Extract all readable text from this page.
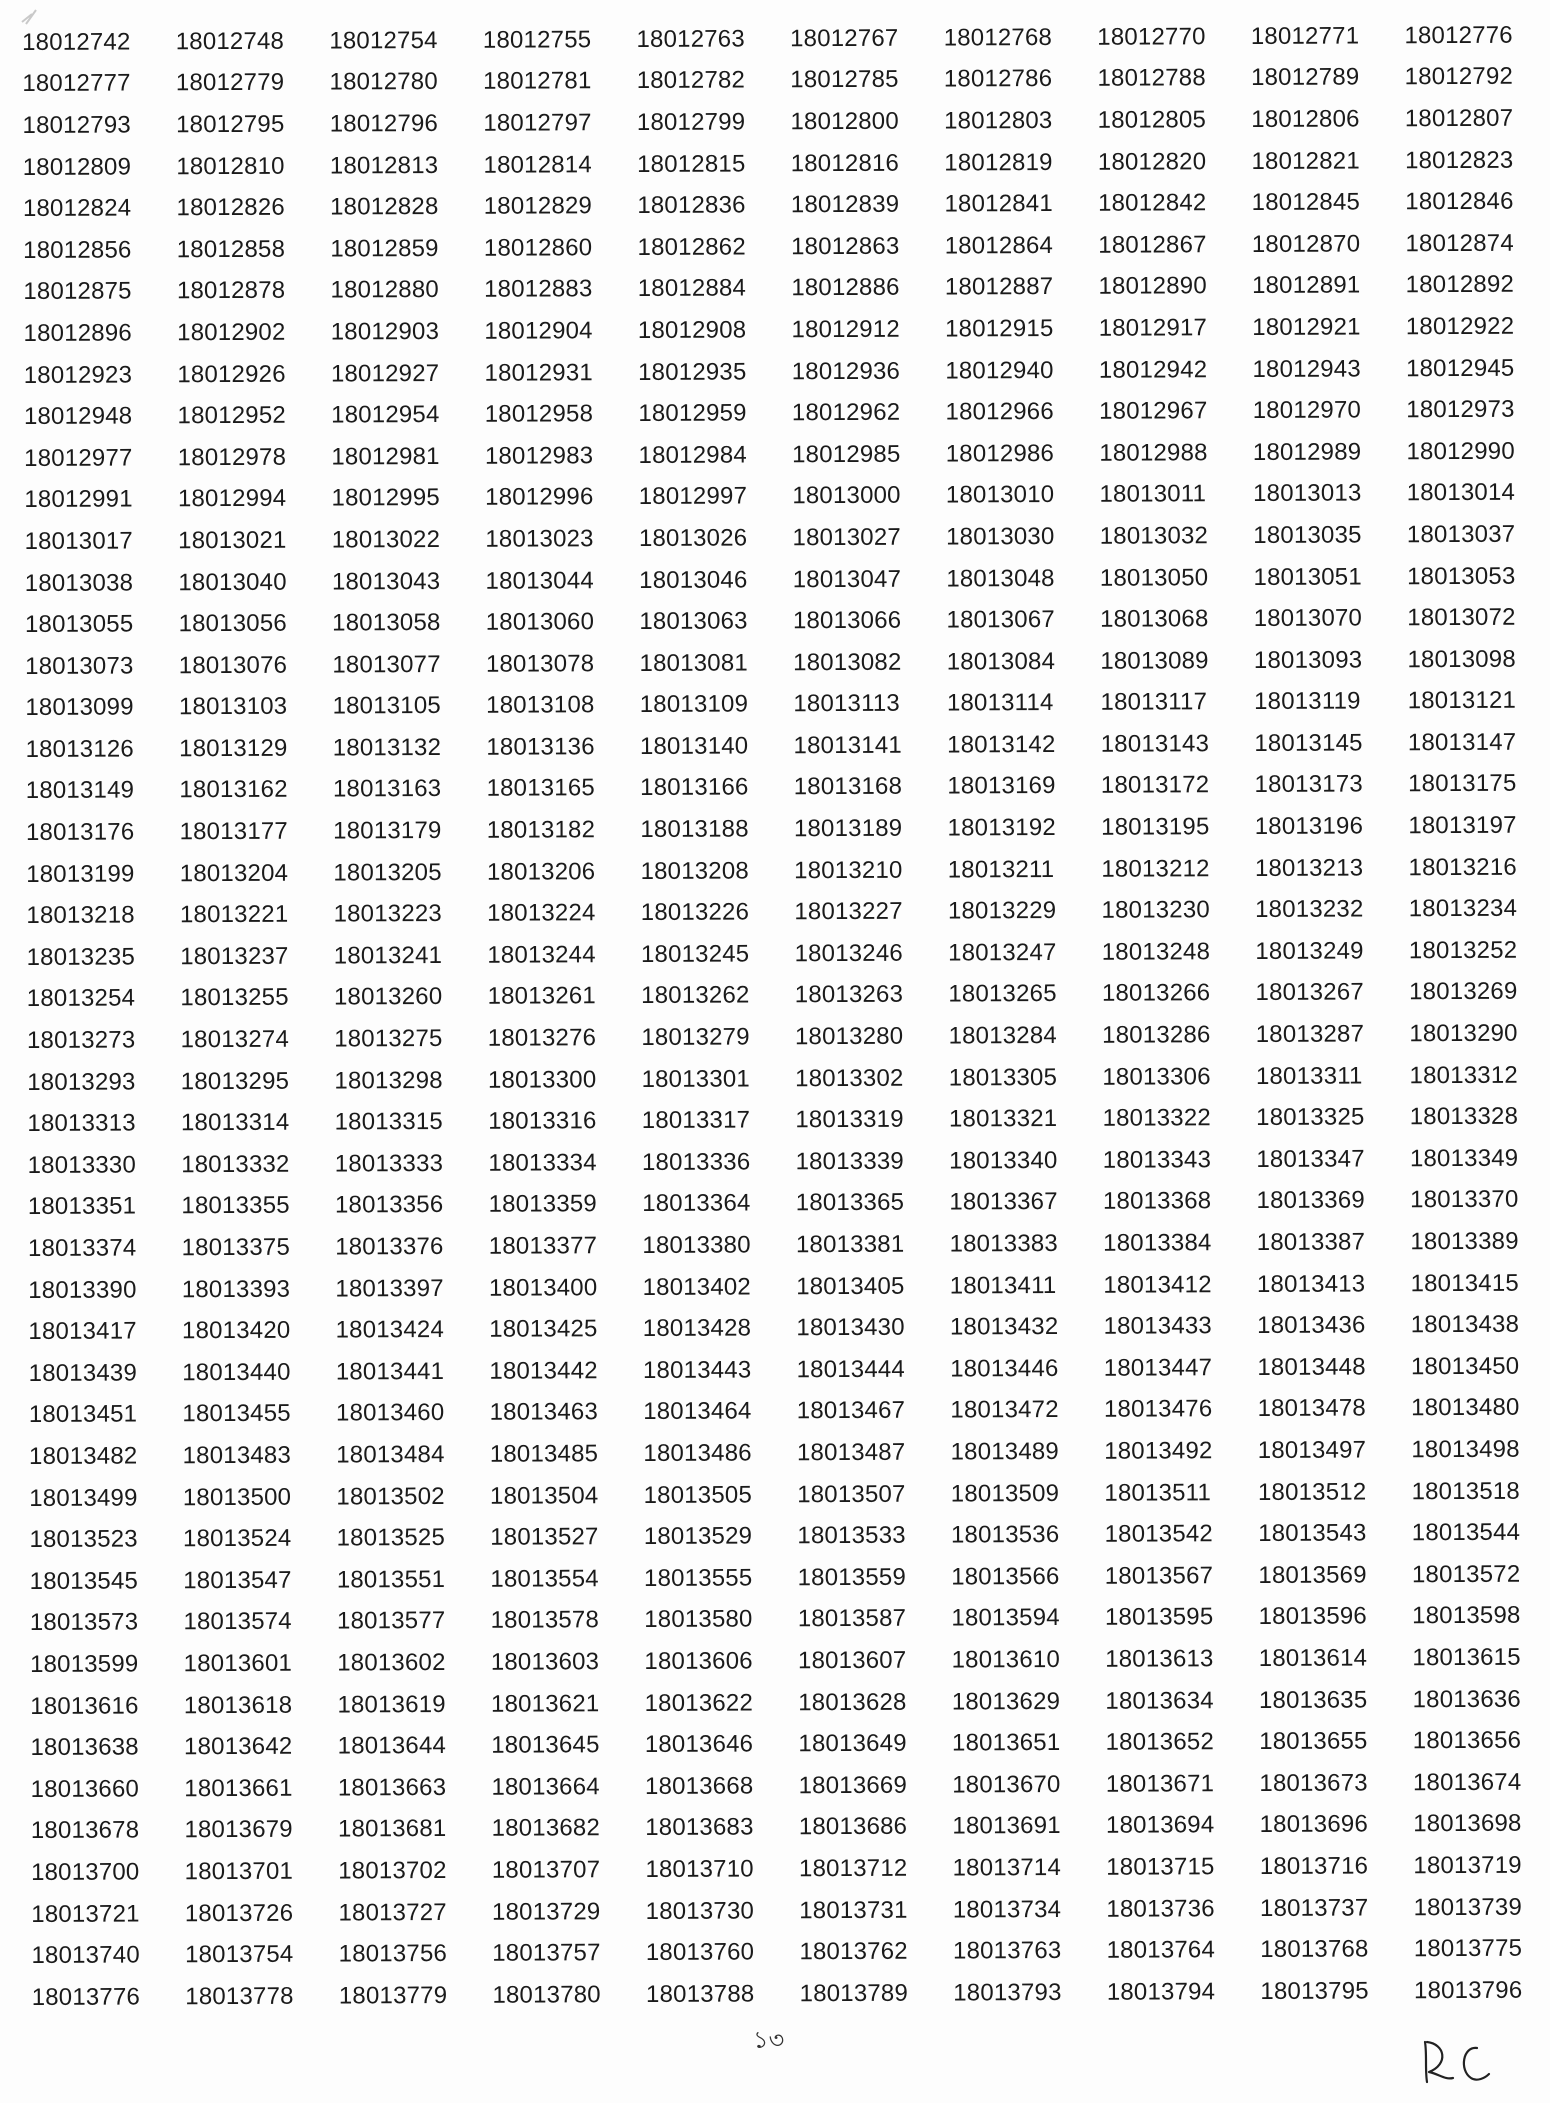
18012742	18012748	18012754	18012755	18012763	18012767	18012768	18012770	18012771	18012776
18012777	18012779	18012780	18012781	18012782	18012785	18012786	18012788	18012789	18012792
18012793	18012795	18012796	18012797	18012799	18012800	18012803	18012805	18012806	18012807
18012809	18012810	18012813	18012814	18012815	18012816	18012819	18012820	18012821	18012823
18012824	18012826	18012828	18012829	18012836	18012839	18012841	18012842	18012845	18012846
18012856	18012858	18012859	18012860	18012862	18012863	18012864	18012867	18012870	18012874
18012875	18012878	18012880	18012883	18012884	18012886	18012887	18012890	18012891	18012892
18012896	18012902	18012903	18012904	18012908	18012912	18012915	18012917	18012921	18012922
18012923	18012926	18012927	18012931	18012935	18012936	18012940	18012942	18012943	18012945
18012948	18012952	18012954	18012958	18012959	18012962	18012966	18012967	18012970	18012973
18012977	18012978	18012981	18012983	18012984	18012985	18012986	18012988	18012989	18012990
18012991	18012994	18012995	18012996	18012997	18013000	18013010	18013011	18013013	18013014
18013017	18013021	18013022	18013023	18013026	18013027	18013030	18013032	18013035	18013037
18013038	18013040	18013043	18013044	18013046	18013047	18013048	18013050	18013051	18013053
18013055	18013056	18013058	18013060	18013063	18013066	18013067	18013068	18013070	18013072
18013073	18013076	18013077	18013078	18013081	18013082	18013084	18013089	18013093	18013098
18013099	18013103	18013105	18013108	18013109	18013113	18013114	18013117	18013119	18013121
18013126	18013129	18013132	18013136	18013140	18013141	18013142	18013143	18013145	18013147
18013149	18013162	18013163	18013165	18013166	18013168	18013169	18013172	18013173	18013175
18013176	18013177	18013179	18013182	18013188	18013189	18013192	18013195	18013196	18013197
18013199	18013204	18013205	18013206	18013208	18013210	18013211	18013212	18013213	18013216
18013218	18013221	18013223	18013224	18013226	18013227	18013229	18013230	18013232	18013234
18013235	18013237	18013241	18013244	18013245	18013246	18013247	18013248	18013249	18013252
18013254	18013255	18013260	18013261	18013262	18013263	18013265	18013266	18013267	18013269
18013273	18013274	18013275	18013276	18013279	18013280	18013284	18013286	18013287	18013290
18013293	18013295	18013298	18013300	18013301	18013302	18013305	18013306	18013311	18013312
18013313	18013314	18013315	18013316	18013317	18013319	18013321	18013322	18013325	18013328
18013330	18013332	18013333	18013334	18013336	18013339	18013340	18013343	18013347	18013349
18013351	18013355	18013356	18013359	18013364	18013365	18013367	18013368	18013369	18013370
18013374	18013375	18013376	18013377	18013380	18013381	18013383	18013384	18013387	18013389
18013390	18013393	18013397	18013400	18013402	18013405	18013411	18013412	18013413	18013415
18013417	18013420	18013424	18013425	18013428	18013430	18013432	18013433	18013436	18013438
18013439	18013440	18013441	18013442	18013443	18013444	18013446	18013447	18013448	18013450
18013451	18013455	18013460	18013463	18013464	18013467	18013472	18013476	18013478	18013480
18013482	18013483	18013484	18013485	18013486	18013487	18013489	18013492	18013497	18013498
18013499	18013500	18013502	18013504	18013505	18013507	18013509	18013511	18013512	18013518
18013523	18013524	18013525	18013527	18013529	18013533	18013536	18013542	18013543	18013544
18013545	18013547	18013551	18013554	18013555	18013559	18013566	18013567	18013569	18013572
18013573	18013574	18013577	18013578	18013580	18013587	18013594	18013595	18013596	18013598
18013599	18013601	18013602	18013603	18013606	18013607	18013610	18013613	18013614	18013615
18013616	18013618	18013619	18013621	18013622	18013628	18013629	18013634	18013635	18013636
18013638	18013642	18013644	18013645	18013646	18013649	18013651	18013652	18013655	18013656
18013660	18013661	18013663	18013664	18013668	18013669	18013670	18013671	18013673	18013674
18013678	18013679	18013681	18013682	18013683	18013686	18013691	18013694	18013696	18013698
18013700	18013701	18013702	18013707	18013710	18013712	18013714	18013715	18013716	18013719
18013721	18013726	18013727	18013729	18013730	18013731	18013734	18013736	18013737	18013739
18013740	18013754	18013756	18013757	18013760	18013762	18013763	18013764	18013768	18013775
18013776	18013778	18013779	18013780	18013788	18013789	18013793	18013794	18013795	18013796
১৩
